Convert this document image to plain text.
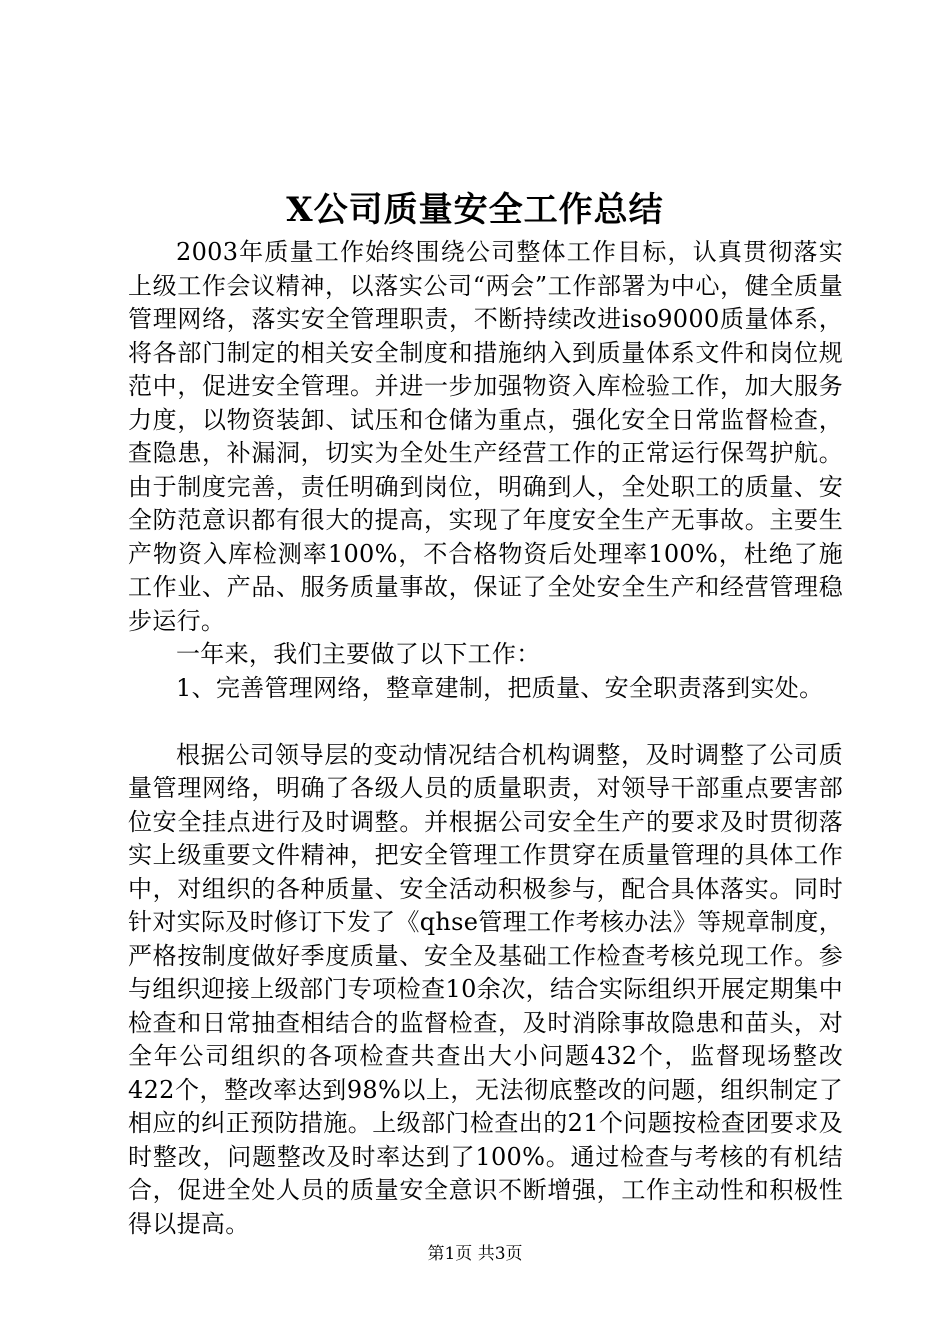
X公司质量安全工作总结

2003年质量工作始终围绕公司整体工作目标，认真贯彻落实上级工作会议精神，以落实公司“两会”工作部署为中心，健全质量管理网络，落实安全管理职责，不断持续改进iso9000质量体系，将各部门制定的相关安全制度和措施纳入到质量体系文件和岗位规范中，促进安全管理。并进一步加强物资入库检验工作，加大服务力度，以物资装卸、试压和仓储为重点，强化安全日常监督检查，查隐患，补漏洞，切实为全处生产经营工作的正常运行保驾护航。由于制度完善，责任明确到岗位，明确到人，全处职工的质量、安全防范意识都有很大的提高，实现了年度安全生产无事故。主要生产物资入库检测率100%，不合格物资后处理率100%，杜绝了施工作业、产品、服务质量事故，保证了全处安全生产和经营管理稳步运行。

一年来，我们主要做了以下工作：

1、完善管理网络，整章建制，把质量、安全职责落到实处。

根据公司领导层的变动情况结合机构调整，及时调整了公司质量管理网络，明确了各级人员的质量职责，对领导干部重点要害部位安全挂点进行及时调整。并根据公司安全生产的要求及时贯彻落实上级重要文件精神，把安全管理工作贯穿在质量管理的具体工作中，对组织的各种质量、安全活动积极参与，配合具体落实。同时针对实际及时修订下发了《qhse管理工作考核办法》等规章制度，严格按制度做好季度质量、安全及基础工作检查考核兑现工作。参与组织迎接上级部门专项检查10余次，结合实际组织开展定期集中检查和日常抽查相结合的监督检查，及时消除事故隐患和苗头，对全年公司组织的各项检查共查出大小问题432个，监督现场整改422个，整改率达到98%以上，无法彻底整改的问题，组织制定了相应的纠正预防措施。上级部门检查出的21个问题按检查团要求及时整改，问题整改及时率达到了100%。通过检查与考核的有机结合，促进全处人员的质量安全意识不断增强，工作主动性和积极性得以提高。

第1页 共3页
